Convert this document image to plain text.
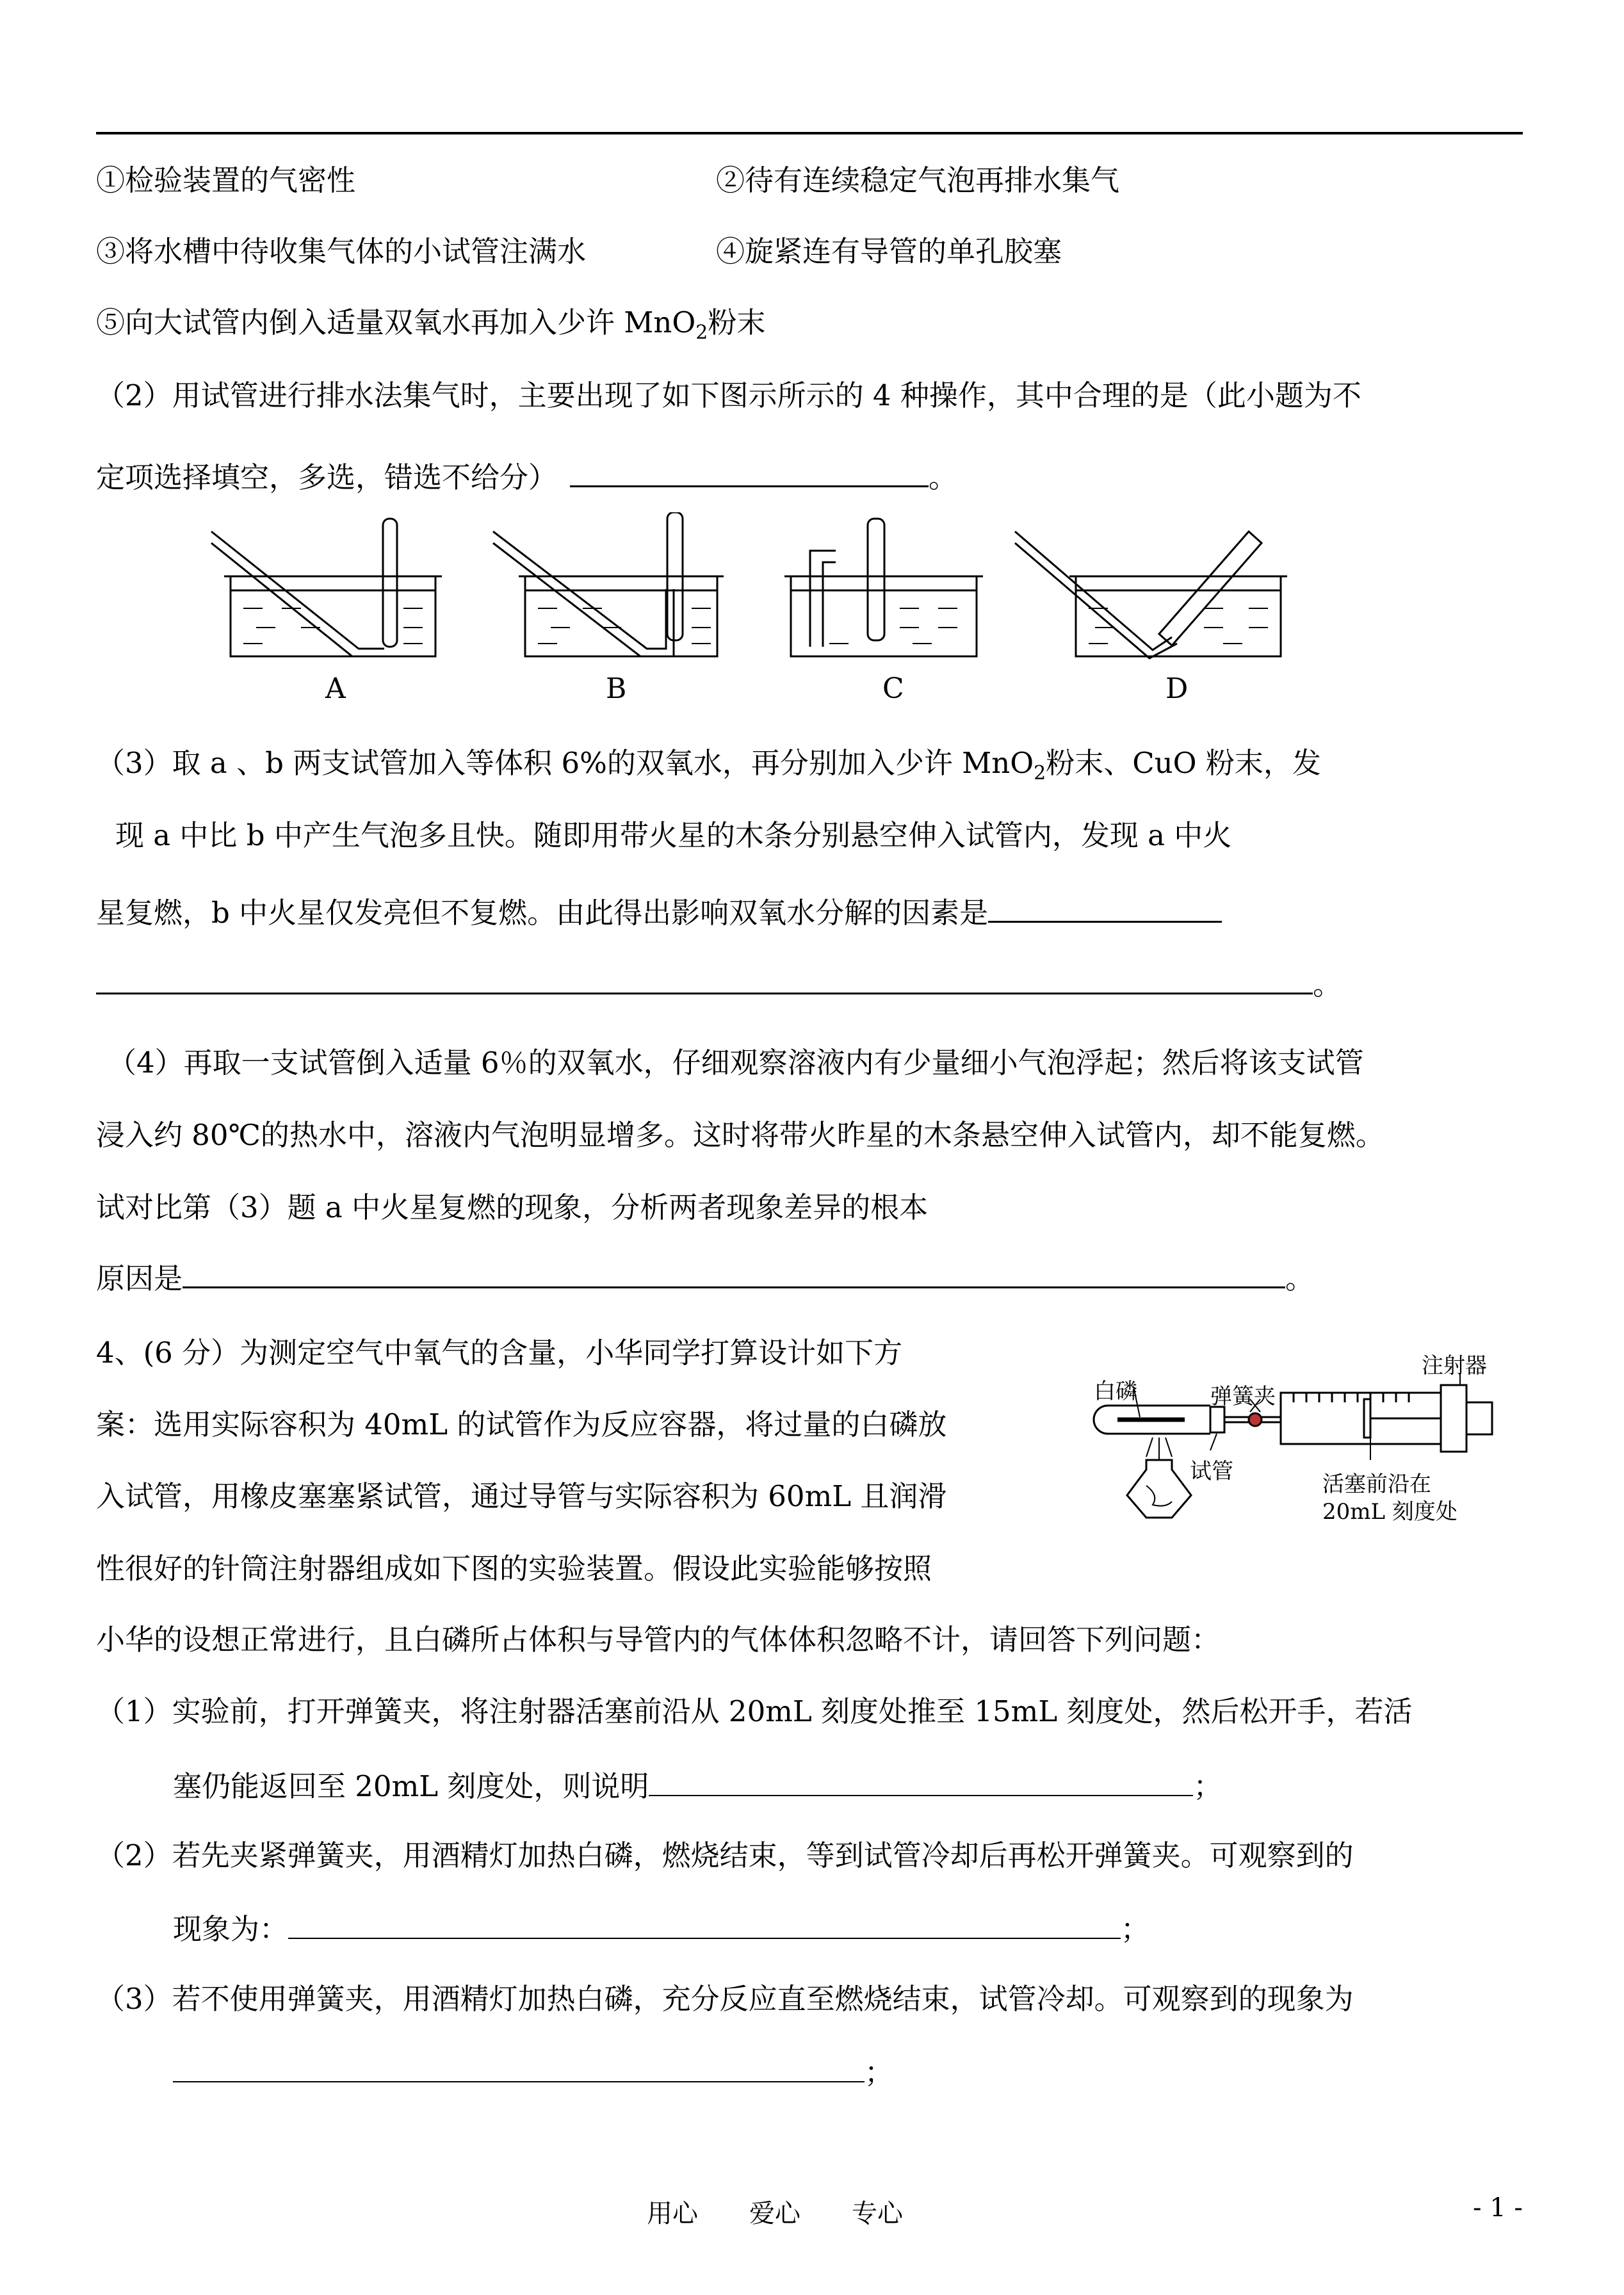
①检验装置的气密性	②待有连续稳定气泡再排水集气
③将水槽中待收集气体的小试管注满水	④旋紧连有导管的单孔胶塞
⑤向大试管内倒入适量双氧水再加入少许 MnO$_2$粉末
（2）用试管进行排水法集气时，主要出现了如下图示所示的 4 种操作，其中合理的是（此小题为不
定项选择填空，多选，错选不给分）	。
A	B	C	D
（3）取 a 、b 两支试管加入等体积 6%的双氧水，再分别加入少许 MnO$_2$粉末、CuO 粉末，发
现 a 中比 b 中产生气泡多且快。随即用带火星的木条分别悬空伸入试管内，发现 a 中火
星复燃，b 中火星仅发亮但不复燃。由此得出影响双氧水分解的因素是
。
（4）再取一支试管倒入适量 6％的双氧水，仔细观察溶液内有少量细小气泡浮起；然后将该支试管
浸入约 80℃的热水中，溶液内气泡明显增多。这时将带火昨星的木条悬空伸入试管内，却不能复燃。
试对比第（3）题 a 中火星复燃的现象，分析两者现象差异的根本
原因是	。
4、(6 分）为测定空气中氧气的含量，小华同学打算设计如下方
案：选用实际容积为 40mL 的试管作为反应容器，将过量的白磷放
入试管，用橡皮塞塞紧试管，通过导管与实际容积为 60mL 且润滑
性很好的针筒注射器组成如下图的实验装置。假设此实验能够按照
小华的设想正常进行，且白磷所占体积与导管内的气体体积忽略不计，请回答下列问题：
白磷	弹簧夹
注射器
试管	活塞前沿在
20mL 刻度处
（1）实验前，打开弹簧夹，将注射器活塞前沿从 20mL 刻度处推至 15mL 刻度处，然后松开手，若活
塞仍能返回至 20mL 刻度处，则说明	；
（2）若先夹紧弹簧夹，用酒精灯加热白磷，燃烧结束，等到试管冷却后再松开弹簧夹。可观察到的
现象为：	；
（3）若不使用弹簧夹，用酒精灯加热白磷，充分反应直至燃烧结束，试管冷却。可观察到的现象为
；
用心　　爱心　　专心	- 1 -
